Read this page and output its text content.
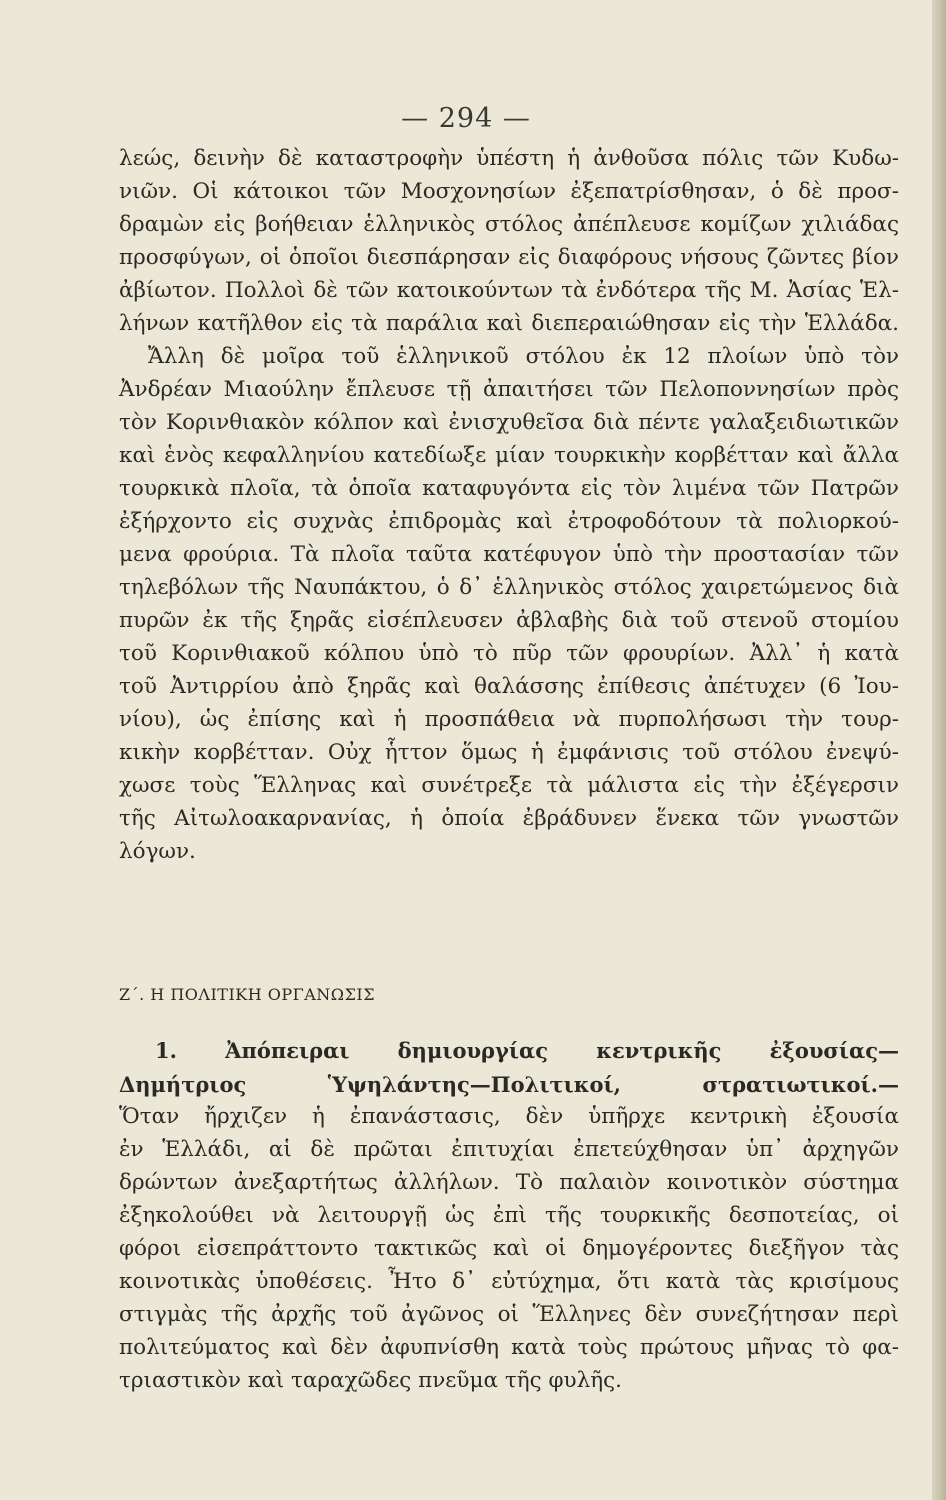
— 294 —
λεώς, δεινὴν δὲ καταστροφὴν ὑπέστη ἡ ἀνθοῦσα πόλις τῶν Κυδω-
νιῶν. Οἱ κάτοικοι τῶν Μοσχονησίων ἐξεπατρίσθησαν, ὁ δὲ προσ-
δραμὼν εἰς βοήθειαν ἑλληνικὸς στόλος ἀπέπλευσε κομίζων χιλιάδας
προσφύγων, οἱ ὁποῖοι διεσπάρησαν εἰς διαφόρους νήσους ζῶντες βίον
ἀβίωτον. Πολλοὶ δὲ τῶν κατοικούντων τὰ ἐνδότερα τῆς Μ. Ἀσίας Ἑλ-
λήνων κατῆλθον εἰς τὰ παράλια καὶ διεπεραιώθησαν εἰς τὴν Ἑλλάδα.
Ἄλλη δὲ μοῖρα τοῦ ἑλληνικοῦ στόλου ἐκ 12 πλοίων ὑπὸ τὸν
Ἀνδρέαν Μιαούλην ἔπλευσε τῇ ἀπαιτήσει τῶν Πελοποννησίων πρὸς
τὸν Κορινθιακὸν κόλπον καὶ ἐνισχυθεῖσα διὰ πέντε γαλαξειδιωτικῶν
καὶ ἑνὸς κεφαλληνίου κατεδίωξε μίαν τουρκικὴν κορβέτταν καὶ ἄλλα
τουρκικὰ πλοῖα, τὰ ὁποῖα καταφυγόντα εἰς τὸν λιμένα τῶν Πατρῶν
ἐξήρχοντο εἰς συχνὰς ἐπιδρομὰς καὶ ἐτροφοδότουν τὰ πολιορκού-
μενα φρούρια. Τὰ πλοῖα ταῦτα κατέφυγον ὑπὸ τὴν προστασίαν τῶν
τηλεβόλων τῆς Ναυπάκτου, ὁ δ᾽ ἑλληνικὸς στόλος χαιρετώμενος διὰ
πυρῶν ἐκ τῆς ξηρᾶς εἰσέπλευσεν ἀβλαβὴς διὰ τοῦ στενοῦ στομίου
τοῦ Κορινθιακοῦ κόλπου ὑπὸ τὸ πῦρ τῶν φρουρίων. Ἀλλ᾽ ἡ κατὰ
τοῦ Ἀντιρρίου ἀπὸ ξηρᾶς καὶ θαλάσσης ἐπίθεσις ἀπέτυχεν (6 Ἰου-
νίου), ὡς ἐπίσης καὶ ἡ προσπάθεια νὰ πυρπολήσωσι τὴν τουρ-
κικὴν κορβέτταν. Οὐχ ἧττον ὅμως ἡ ἐμφάνισις τοῦ στόλου ἐνεψύ-
χωσε τοὺς Ἕλληνας καὶ συνέτρεξε τὰ μάλιστα εἰς τὴν ἐξέγερσιν
τῆς Αἰτωλοακαρνανίας, ἡ ὁποία ἐβράδυνεν ἕνεκα τῶν γνωστῶν
λόγων.
Ζ΄. Η ΠΟΛΙΤΙΚΗ ΟΡΓΑΝΩΣΙΣ
1. Ἀπόπειραι δημιουργίας κεντρικῆς ἐξουσίας—
Δημήτριος Ὑψηλάντης—Πολιτικοί, στρατιωτικοί.—
Ὅταν ἤρχιζεν ἡ ἐπανάστασις, δὲν ὑπῆρχε κεντρικὴ ἐξουσία
ἐν Ἑλλάδι, αἱ δὲ πρῶται ἐπιτυχίαι ἐπετεύχθησαν ὑπ᾽ ἀρχηγῶν
δρώντων ἀνεξαρτήτως ἀλλήλων. Τὸ παλαιὸν κοινοτικὸν σύστημα
ἐξηκολούθει νὰ λειτουργῇ ὡς ἐπὶ τῆς τουρκικῆς δεσποτείας, οἱ
φόροι εἰσεπράττοντο τακτικῶς καὶ οἱ δημογέροντες διεξῆγον τὰς
κοινοτικὰς ὑποθέσεις. Ἦτο δ᾽ εὐτύχημα, ὅτι κατὰ τὰς κρισίμους
στιγμὰς τῆς ἀρχῆς τοῦ ἀγῶνος οἱ Ἕλληνες δὲν συνεζήτησαν περὶ
πολιτεύματος καὶ δὲν ἀφυπνίσθη κατὰ τοὺς πρώτους μῆνας τὸ φα-
τριαστικὸν καὶ ταραχῶδες πνεῦμα τῆς φυλῆς.
